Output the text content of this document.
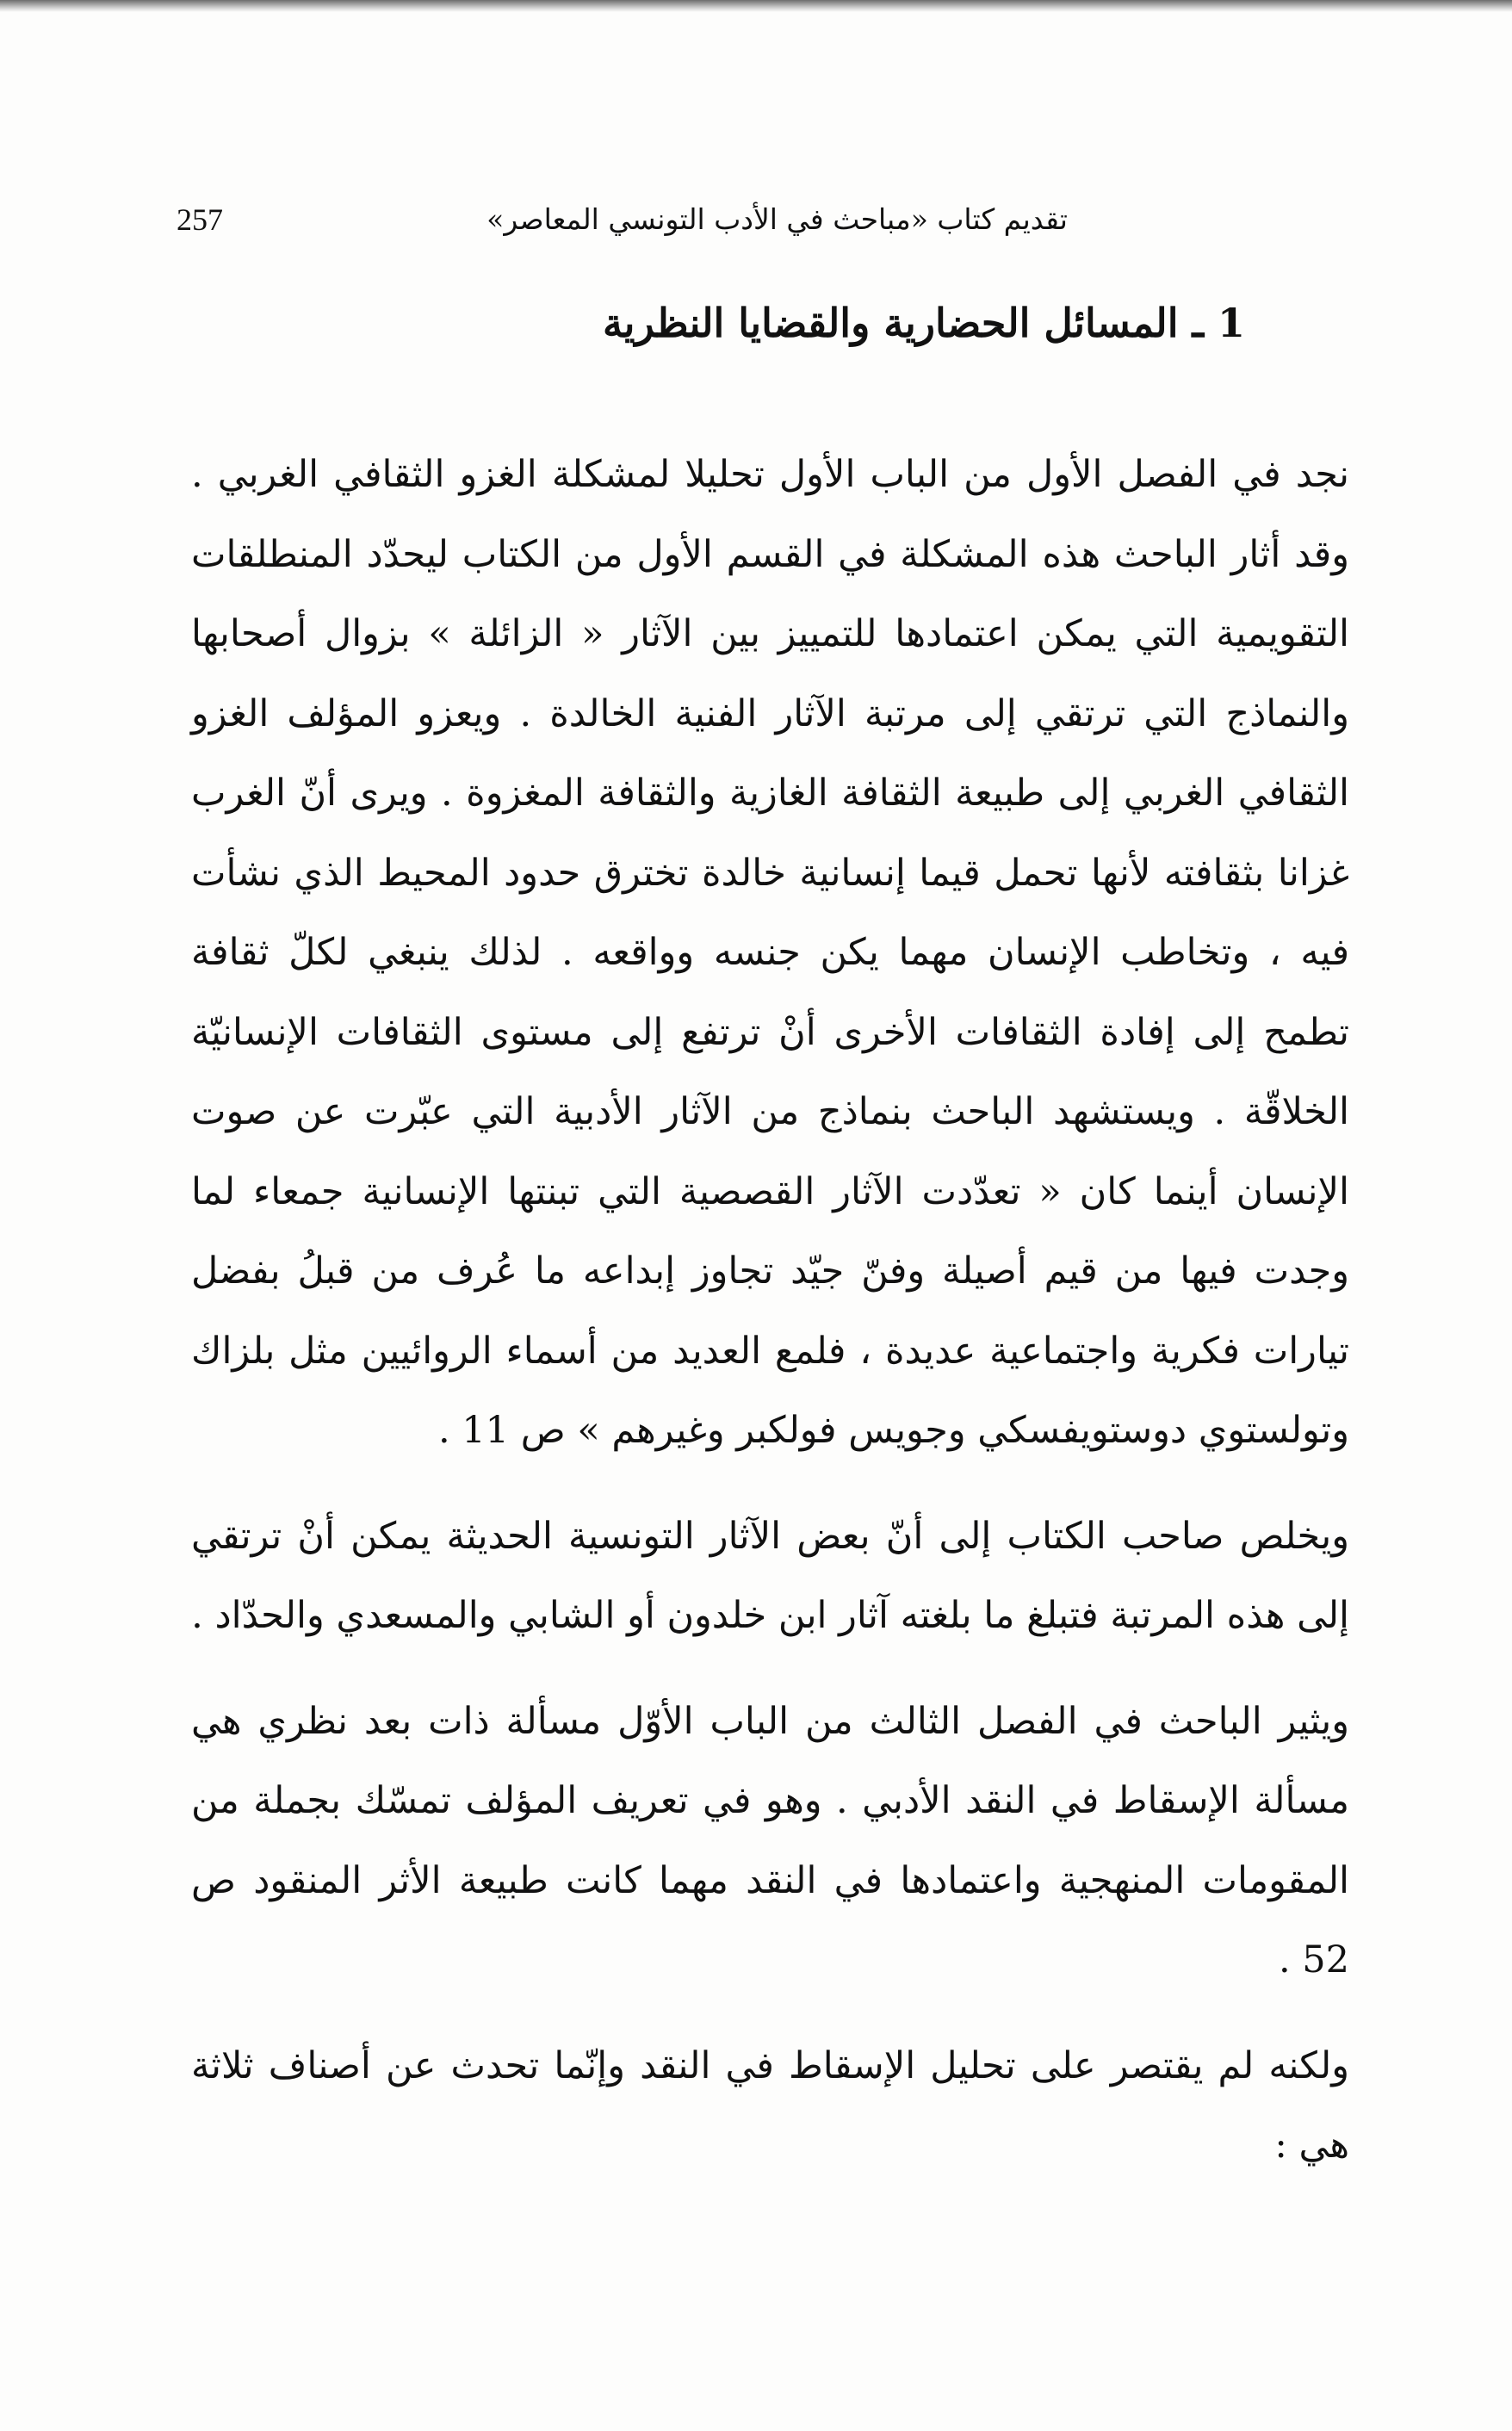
تقديم كتاب «مباحث في الأدب التونسي المعاصر»
257
1 ـ المسائل الحضارية والقضايا النظرية

نجد في الفصل الأول من الباب الأول تحليلا لمشكلة الغزو الثقافي الغربي . وقد أثار الباحث هذه المشكلة في القسم الأول من الكتاب ليحدّد المنطلقات التقويمية التي يمكن اعتمادها للتمييز بين الآثار « الزائلة » بزوال أصحابها والنماذج التي ترتقي إلى مرتبة الآثار الفنية الخالدة . ويعزو المؤلف الغزو الثقافي الغربي إلى طبيعة الثقافة الغازية والثقافة المغزوة . ويرى أنّ الغرب غزانا بثقافته لأنها تحمل قيما إنسانية خالدة تخترق حدود المحيط الذي نشأت فيه ، وتخاطب الإنسان مهما يكن جنسه وواقعه . لذلك ينبغي لكلّ ثقافة تطمح إلى إفادة الثقافات الأخرى أنْ ترتفع إلى مستوى الثقافات الإنسانيّة الخلاقّة . ويستشهد الباحث بنماذج من الآثار الأدبية التي عبّرت عن صوت الإنسان أينما كان « تعدّدت الآثار القصصية التي تبنتها الإنسانية جمعاء لما وجدت فيها من قيم أصيلة وفنّ جيّد تجاوز إبداعه ما عُرف من قبلُ بفضل تيارات فكرية واجتماعية عديدة ، فلمع العديد من أسماء الروائيين مثل بلزاك وتولستوي دوستويفسكي وجويس فولكبر وغيرهم » ص 11 .

ويخلص صاحب الكتاب إلى أنّ بعض الآثار التونسية الحديثة يمكن أنْ ترتقي إلى هذه المرتبة فتبلغ ما بلغته آثار ابن خلدون أو الشابي والمسعدي والحدّاد .

ويثير الباحث في الفصل الثالث من الباب الأوّل مسألة ذات بعد نظري هي مسألة الإسقاط في النقد الأدبي . وهو في تعريف المؤلف تمسّك بجملة من المقومات المنهجية واعتمادها في النقد مهما كانت طبيعة الأثر المنقود ص 52 .

ولكنه لم يقتصر على تحليل الإسقاط في النقد وإنّما تحدث عن أصناف ثلاثة هي :
